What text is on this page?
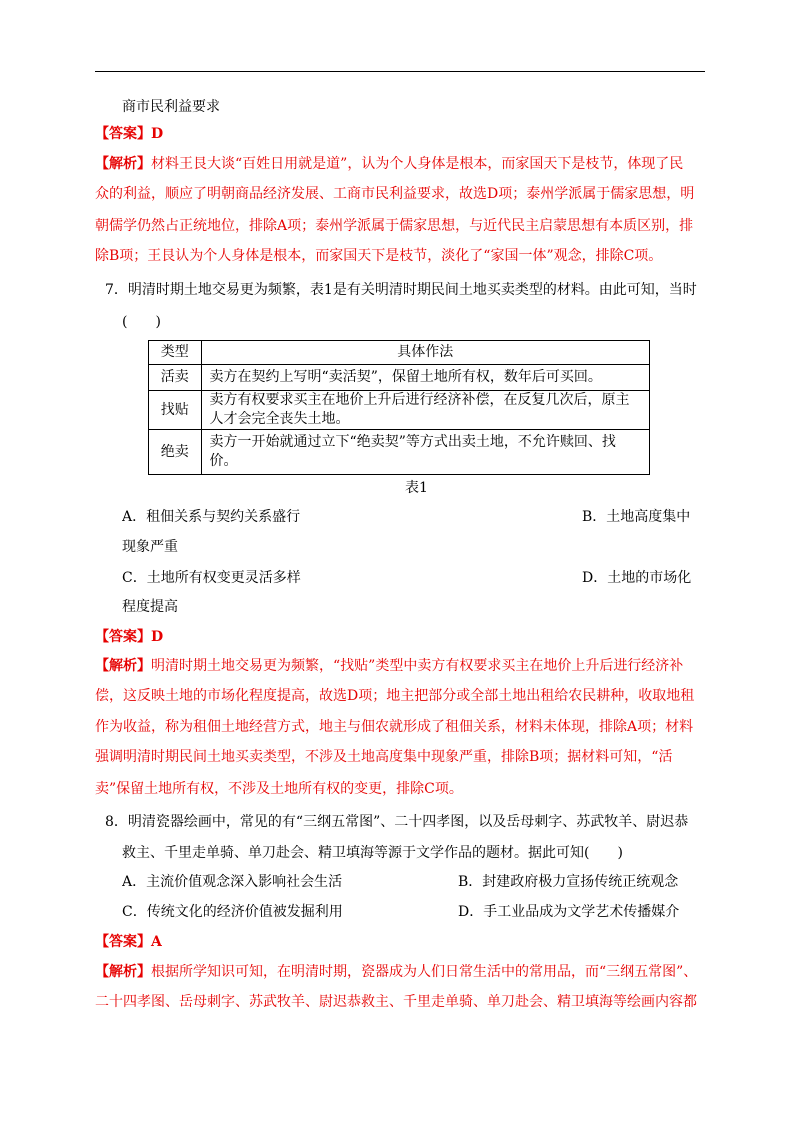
商市民利益要求
【答案】D
【解析】材料王艮大谈“百姓日用就是道”，认为个人身体是根本，而家国天下是枝节，体现了民
众的利益，顺应了明朝商品经济发展、工商市民利益要求，故选D项；泰州学派属于儒家思想，明
朝儒学仍然占正统地位，排除A项；泰州学派属于儒家思想，与近代民主启蒙思想有本质区别，排
除B项；王艮认为个人身体是根本，而家国天下是枝节，淡化了“家国一体”观念，排除C项。
7．明清时期土地交易更为频繁，表1是有关明清时期民间土地买卖类型的材料。由此可知，当时
(　　)
类型	具体作法
活卖	卖方在契约上写明“卖活契”，保留土地所有权，数年后可买回。

找贴	卖方有权要求买主在地价上升后进行经济补偿，在反复几次后，原主
人才会完全丧失土地。

绝卖	卖方一开始就通过立下“绝卖契”等方式出卖土地，不允许赎回、找
价。
表1
A．租佃关系与契约关系盛行	B．土地高度集中
现象严重
C．土地所有权变更灵活多样	D．土地的市场化
程度提高
【答案】D
【解析】明清时期土地交易更为频繁，“找贴”类型中卖方有权要求买主在地价上升后进行经济补
偿，这反映土地的市场化程度提高，故选D项；地主把部分或全部土地出租给农民耕种，收取地租
作为收益，称为租佃土地经营方式，地主与佃农就形成了租佃关系，材料未体现，排除A项；材料
强调明清时期民间土地买卖类型，不涉及土地高度集中现象严重，排除B项；据材料可知，“活
卖”保留土地所有权，不涉及土地所有权的变更，排除C项。
8．明清瓷器绘画中，常见的有“三纲五常图”、二十四孝图，以及岳母刺字、苏武牧羊、尉迟恭
救主、千里走单骑、单刀赴会、精卫填海等源于文学作品的题材。据此可知(　　)
A．主流价值观念深入影响社会生活	B．封建政府极力宣扬传统正统观念
C．传统文化的经济价值被发掘利用	D．手工业品成为文学艺术传播媒介
【答案】A
【解析】根据所学知识可知，在明清时期，瓷器成为人们日常生活中的常用品，而“三纲五常图”、
二十四孝图、岳母刺字、苏武牧羊、尉迟恭救主、千里走单骑、单刀赴会、精卫填海等绘画内容都
